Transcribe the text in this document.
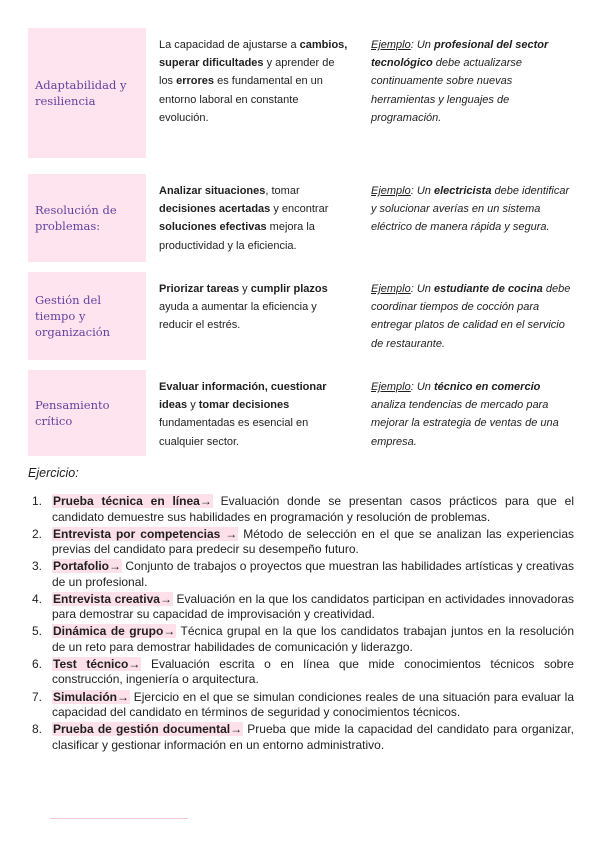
Adaptabilidad y resiliencia
La capacidad de ajustarse a cambios, superar dificultades y aprender de los errores es fundamental en un entorno laboral en constante evolución.
Ejemplo: Un profesional del sector tecnológico debe actualizarse continuamente sobre nuevas herramientas y lenguajes de programación.
Resolución de problemas:
Analizar situaciones, tomar decisiones acertadas y encontrar soluciones efectivas mejora la productividad y la eficiencia.
Ejemplo: Un electricista debe identificar y solucionar averías en un sistema eléctrico de manera rápida y segura.
Gestión del tiempo y organización
Priorizar tareas y cumplir plazos ayuda a aumentar la eficiencia y reducir el estrés.
Ejemplo: Un estudiante de cocina debe coordinar tiempos de cocción para entregar platos de calidad en el servicio de restaurante.
Pensamiento crítico
Evaluar información, cuestionar ideas y tomar decisiones fundamentadas es esencial en cualquier sector.
Ejemplo: Un técnico en comercio analiza tendencias de mercado para mejorar la estrategia de ventas de una empresa.
Ejercicio:
1. Prueba técnica en línea→ Evaluación donde se presentan casos prácticos para que el candidato demuestre sus habilidades en programación y resolución de problemas.
2. Entrevista por competencias → Método de selección en el que se analizan las experiencias previas del candidato para predecir su desempeño futuro.
3. Portafolio→ Conjunto de trabajos o proyectos que muestran las habilidades artísticas y creativas de un profesional.
4. Entrevista creativa→ Evaluación en la que los candidatos participan en actividades innovadoras para demostrar su capacidad de improvisación y creatividad.
5. Dinámica de grupo→ Técnica grupal en la que los candidatos trabajan juntos en la resolución de un reto para demostrar habilidades de comunicación y liderazgo.
6. Test técnico→ Evaluación escrita o en línea que mide conocimientos técnicos sobre construcción, ingeniería o arquitectura.
7. Simulación→ Ejercicio en el que se simulan condiciones reales de una situación para evaluar la capacidad del candidato en términos de seguridad y conocimientos técnicos.
8. Prueba de gestión documental→ Prueba que mide la capacidad del candidato para organizar, clasificar y gestionar información en un entorno administrativo.
